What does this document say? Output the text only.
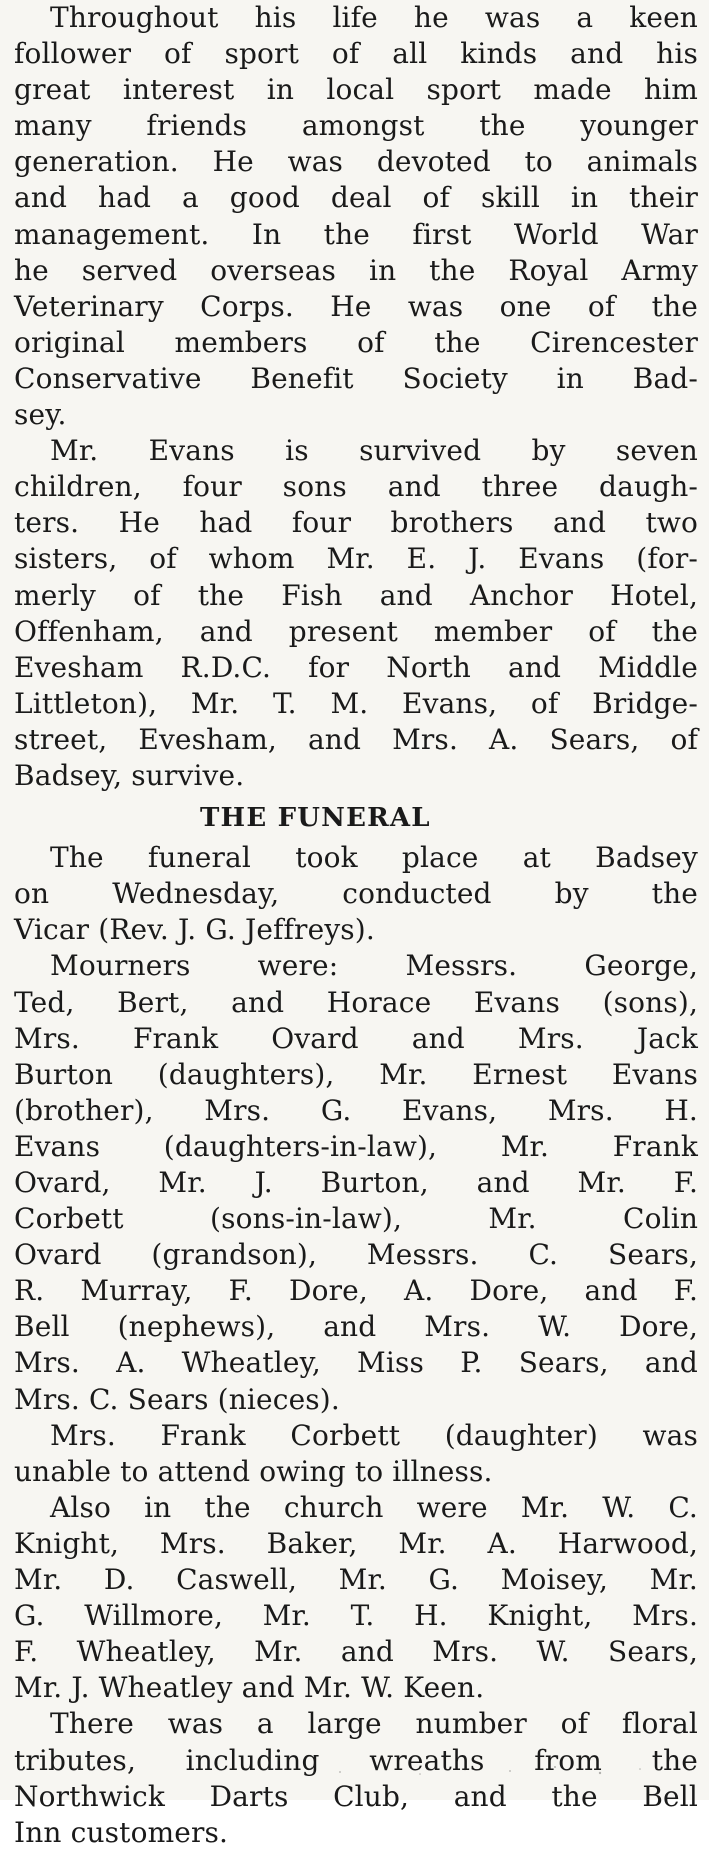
Throughout his life he was a keen
follower of sport of all kinds and his
great interest in local sport made him
many friends amongst the younger
generation. He was devoted to animals
and had a good deal of skill in their
management. In the first World War
he served overseas in the Royal Army
Veterinary Corps. He was one of the
original members of the Cirencester
Conservative Benefit Society in Bad-
sey.
Mr. Evans is survived by seven
children, four sons and three daugh-
ters. He had four brothers and two
sisters, of whom Mr. E. J. Evans (for-
merly of the Fish and Anchor Hotel,
Offenham, and present member of the
Evesham R.D.C. for North and Middle
Littleton), Mr. T. M. Evans, of Bridge-
street, Evesham, and Mrs. A. Sears, of
Badsey, survive.
THE FUNERAL
The funeral took place at Badsey
on Wednesday, conducted by the
Vicar (Rev. J. G. Jeffreys).
Mourners were: Messrs. George,
Ted, Bert, and Horace Evans (sons),
Mrs. Frank Ovard and Mrs. Jack
Burton (daughters), Mr. Ernest Evans
(brother), Mrs. G. Evans, Mrs. H.
Evans (daughters-in-law), Mr. Frank
Ovard, Mr. J. Burton, and Mr. F.
Corbett (sons-in-law), Mr. Colin
Ovard (grandson), Messrs. C. Sears,
R. Murray, F. Dore, A. Dore, and F.
Bell (nephews), and Mrs. W. Dore,
Mrs. A. Wheatley, Miss P. Sears, and
Mrs. C. Sears (nieces).
Mrs. Frank Corbett (daughter) was
unable to attend owing to illness.
Also in the church were Mr. W. C.
Knight, Mrs. Baker, Mr. A. Harwood,
Mr. D. Caswell, Mr. G. Moisey, Mr.
G. Willmore, Mr. T. H. Knight, Mrs.
F. Wheatley, Mr. and Mrs. W. Sears,
Mr. J. Wheatley and Mr. W. Keen.
There was a large number of floral
tributes, including wreaths from the
Northwick Darts Club, and the Bell
Inn customers.
